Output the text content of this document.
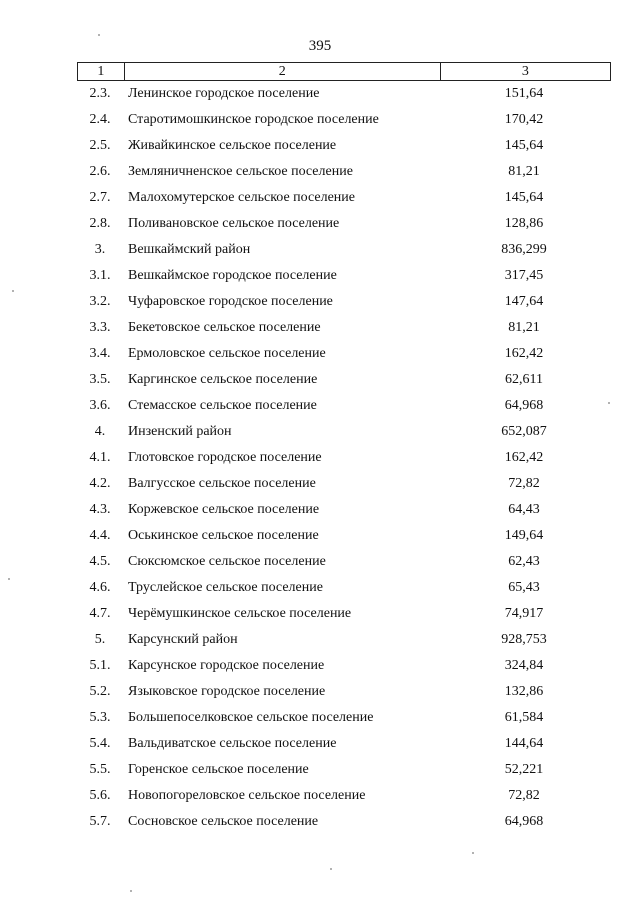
395
1	2	3
2.3.	Ленинское городское поселение	151,64
2.4.	Старотимошкинское городское поселение	170,42
2.5.	Живайкинское сельское поселение	145,64
2.6.	Земляничненское сельское поселение	81,21
2.7.	Малохомутерское сельское поселение	145,64
2.8.	Поливановское сельское поселение	128,86
3.	Вешкаймский район	836,299
3.1.	Вешкаймское городское поселение	317,45
3.2.	Чуфаровское городское поселение	147,64
3.3.	Бекетовское сельское поселение	81,21
3.4.	Ермоловское сельское поселение	162,42
3.5.	Каргинское сельское поселение	62,611
3.6.	Стемасское сельское поселение	64,968
4.	Инзенский район	652,087
4.1.	Глотовское городское поселение	162,42
4.2.	Валгусское сельское поселение	72,82
4.3.	Коржевское сельское поселение	64,43
4.4.	Оськинское сельское поселение	149,64
4.5.	Сюксюмское сельское поселение	62,43
4.6.	Труслейское сельское поселение	65,43
4.7.	Черёмушкинское сельское поселение	74,917
5.	Карсунский район	928,753
5.1.	Карсунское городское поселение	324,84
5.2.	Языковское городское поселение	132,86
5.3.	Большепоселковское сельское поселение	61,584
5.4.	Вальдиватское сельское поселение	144,64
5.5.	Горенское сельское поселение	52,221
5.6.	Новопогореловское сельское поселение	72,82
5.7.	Сосновское сельское поселение	64,968
